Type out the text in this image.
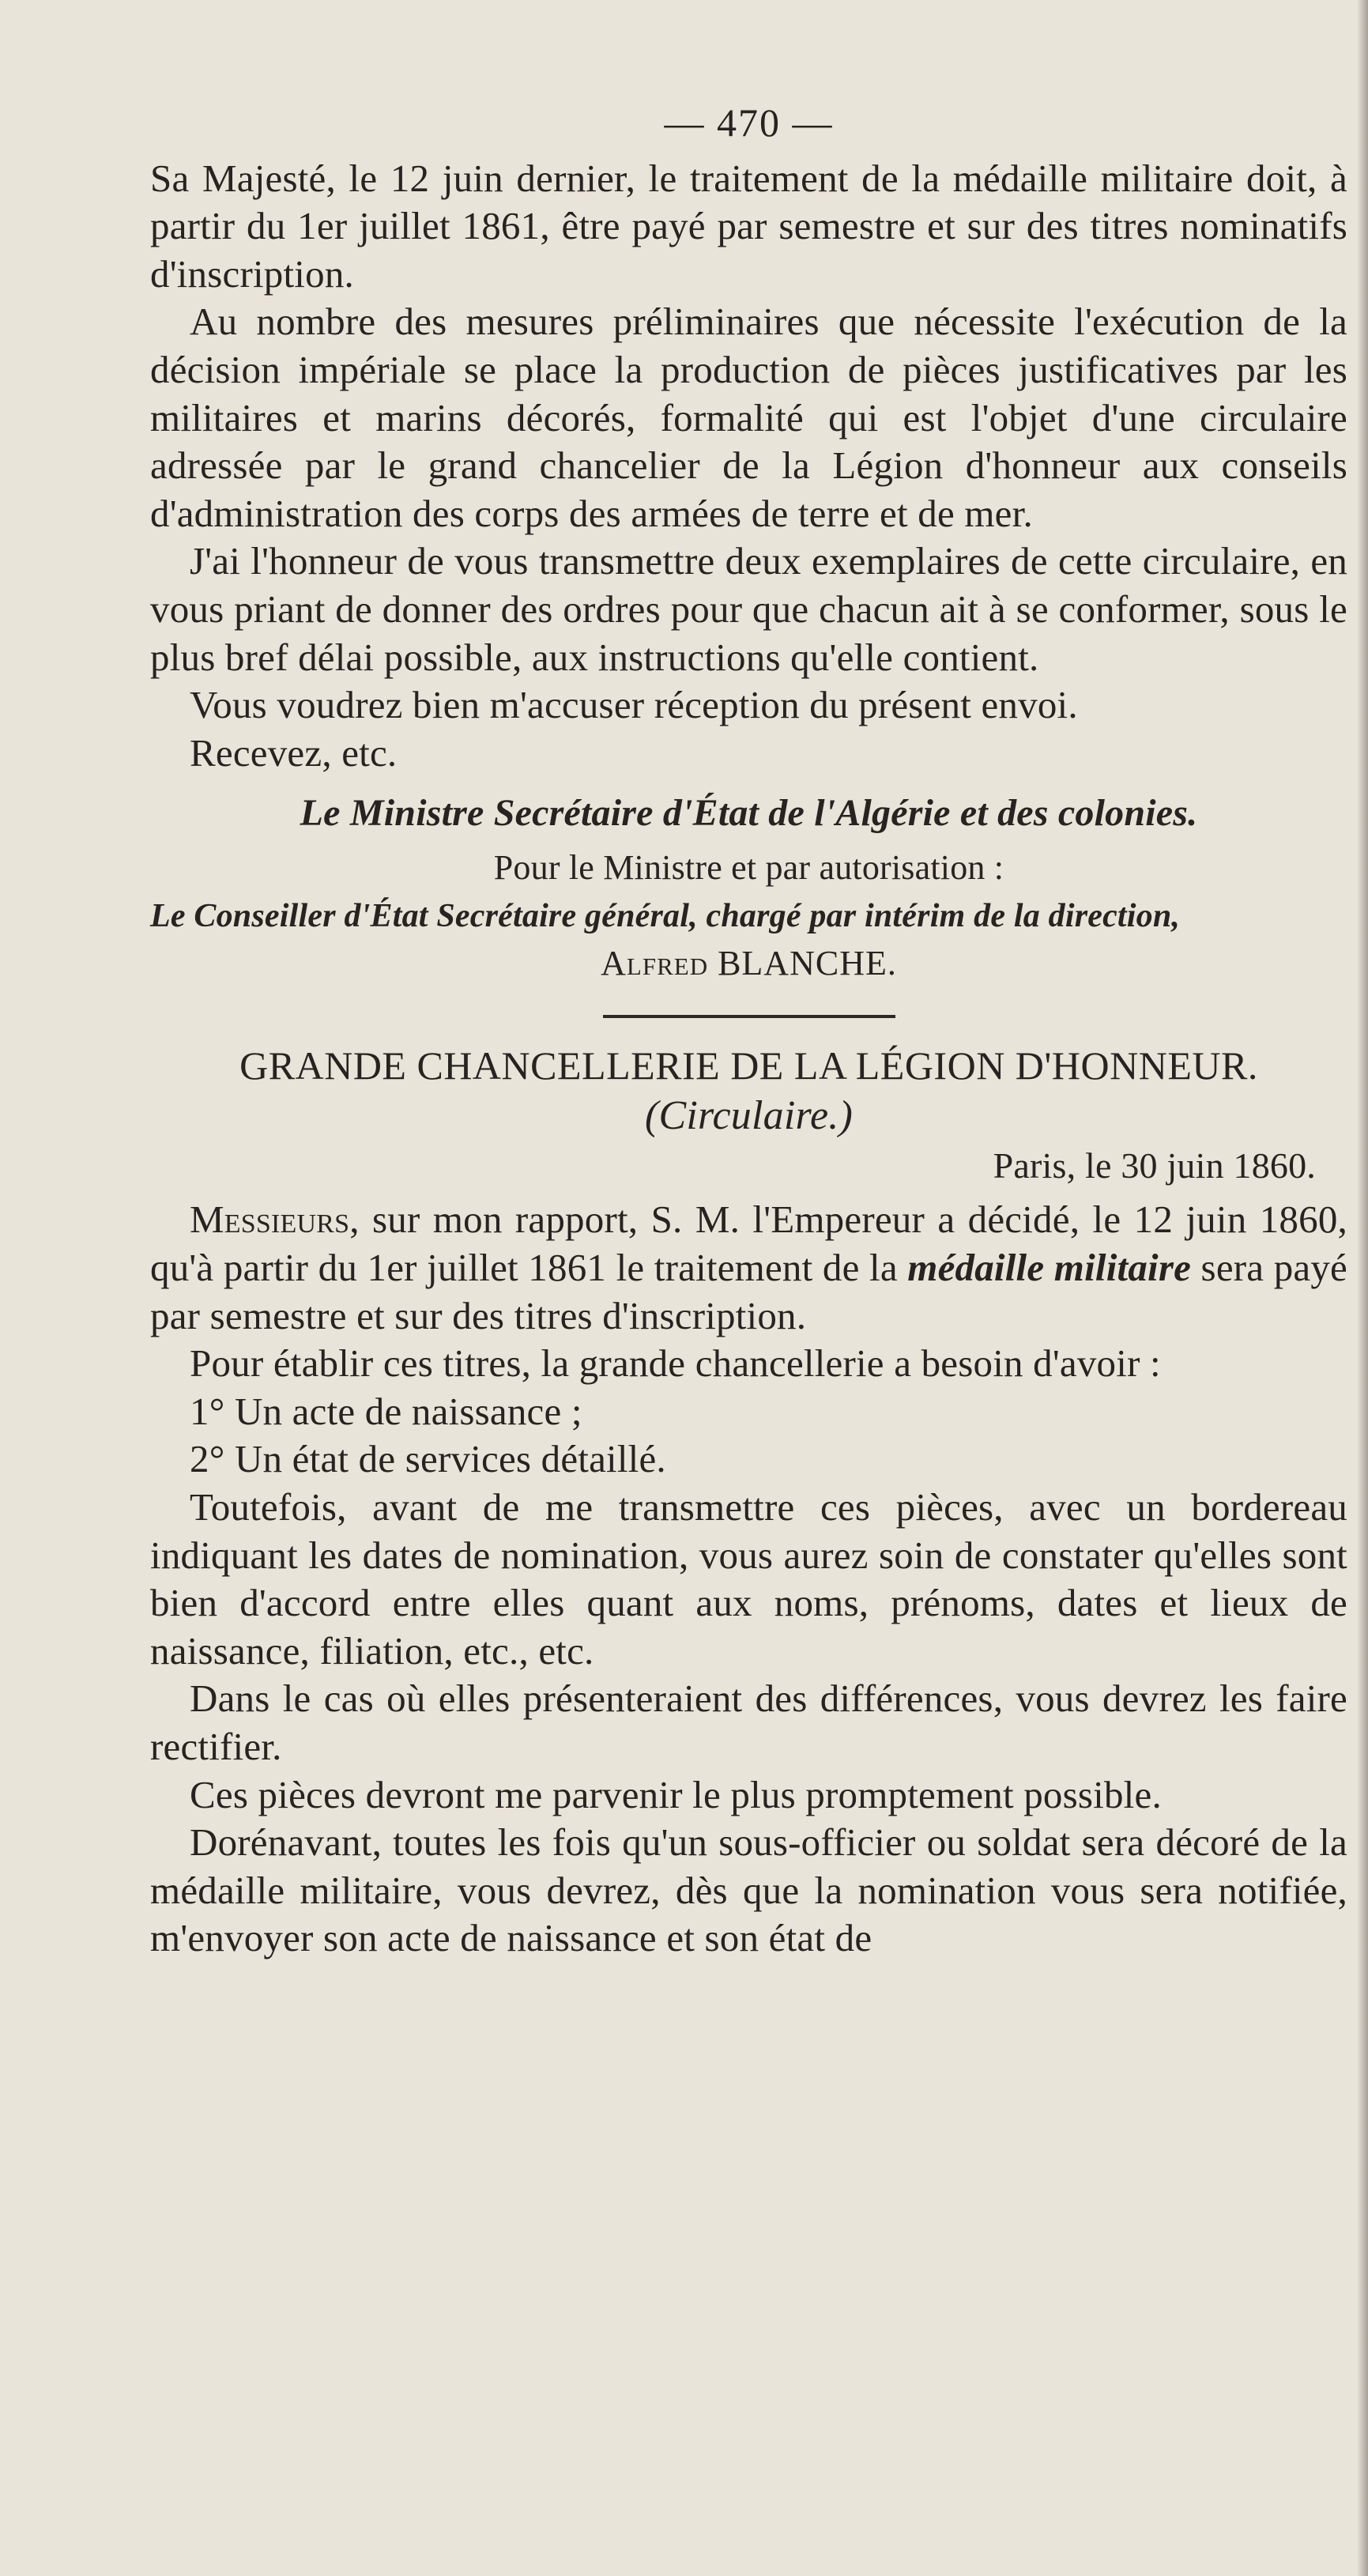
— 470 —

Sa Majesté, le 12 juin dernier, le traitement de la médaille militaire doit, à partir du 1er juillet 1861, être payé par semestre et sur des titres nominatifs d'inscription.

Au nombre des mesures préliminaires que nécessite l'exécution de la décision impériale se place la production de pièces justificatives par les militaires et marins décorés, formalité qui est l'objet d'une circulaire adressée par le grand chancelier de la Légion d'honneur aux conseils d'administration des corps des armées de terre et de mer.

J'ai l'honneur de vous transmettre deux exemplaires de cette circulaire, en vous priant de donner des ordres pour que chacun ait à se conformer, sous le plus bref délai possible, aux instructions qu'elle contient.

Vous voudrez bien m'accuser réception du présent envoi.

Recevez, etc.

Le Ministre Secrétaire d'État de l'Algérie et des colonies.

Pour le Ministre et par autorisation :

Le Conseiller d'État Secrétaire général, chargé par intérim de la direction,

Alfred BLANCHE.

GRANDE CHANCELLERIE DE LA LÉGION D'HONNEUR.

(Circulaire.)

Paris, le 30 juin 1860.

Messieurs, sur mon rapport, S. M. l'Empereur a décidé, le 12 juin 1860, qu'à partir du 1er juillet 1861 le traitement de la médaille militaire sera payé par semestre et sur des titres d'inscription.

Pour établir ces titres, la grande chancellerie a besoin d'avoir :

1° Un acte de naissance ;

2° Un état de services détaillé.

Toutefois, avant de me transmettre ces pièces, avec un bordereau indiquant les dates de nomination, vous aurez soin de constater qu'elles sont bien d'accord entre elles quant aux noms, prénoms, dates et lieux de naissance, filiation, etc., etc.

Dans le cas où elles présenteraient des différences, vous devrez les faire rectifier.

Ces pièces devront me parvenir le plus promptement possible.

Dorénavant, toutes les fois qu'un sous-officier ou soldat sera décoré de la médaille militaire, vous devrez, dès que la nomination vous sera notifiée, m'envoyer son acte de naissance et son état de
